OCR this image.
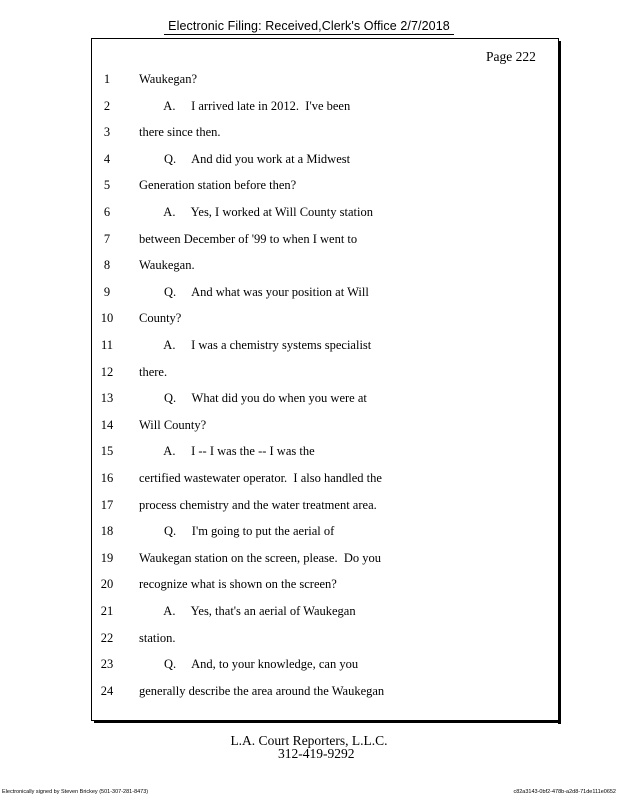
Electronic Filing: Received,Clerk's Office 2/7/2018
Page 222
1	Waukegan?
2	A.     I arrived late in 2012.  I've been
3	there since then.
4	Q.     And did you work at a Midwest
5	Generation station before then?
6	A.     Yes, I worked at Will County station
7	between December of '99 to when I went to
8	Waukegan.
9	Q.     And what was your position at Will
10	County?
11	A.     I was a chemistry systems specialist
12	there.
13	Q.     What did you do when you were at
14	Will County?
15	A.     I -- I was the -- I was the
16	certified wastewater operator.  I also handled the
17	process chemistry and the water treatment area.
18	Q.     I'm going to put the aerial of
19	Waukegan station on the screen, please.  Do you
20	recognize what is shown on the screen?
21	A.     Yes, that's an aerial of Waukegan
22	station.
23	Q.     And, to your knowledge, can you
24	generally describe the area around the Waukegan
L.A. Court Reporters, L.L.C.
312-419-9292
Electronically signed by Steven Brickey (501-307-281-8473)	c82a3143-0bf2-478b-a2d8-71de111e0652
